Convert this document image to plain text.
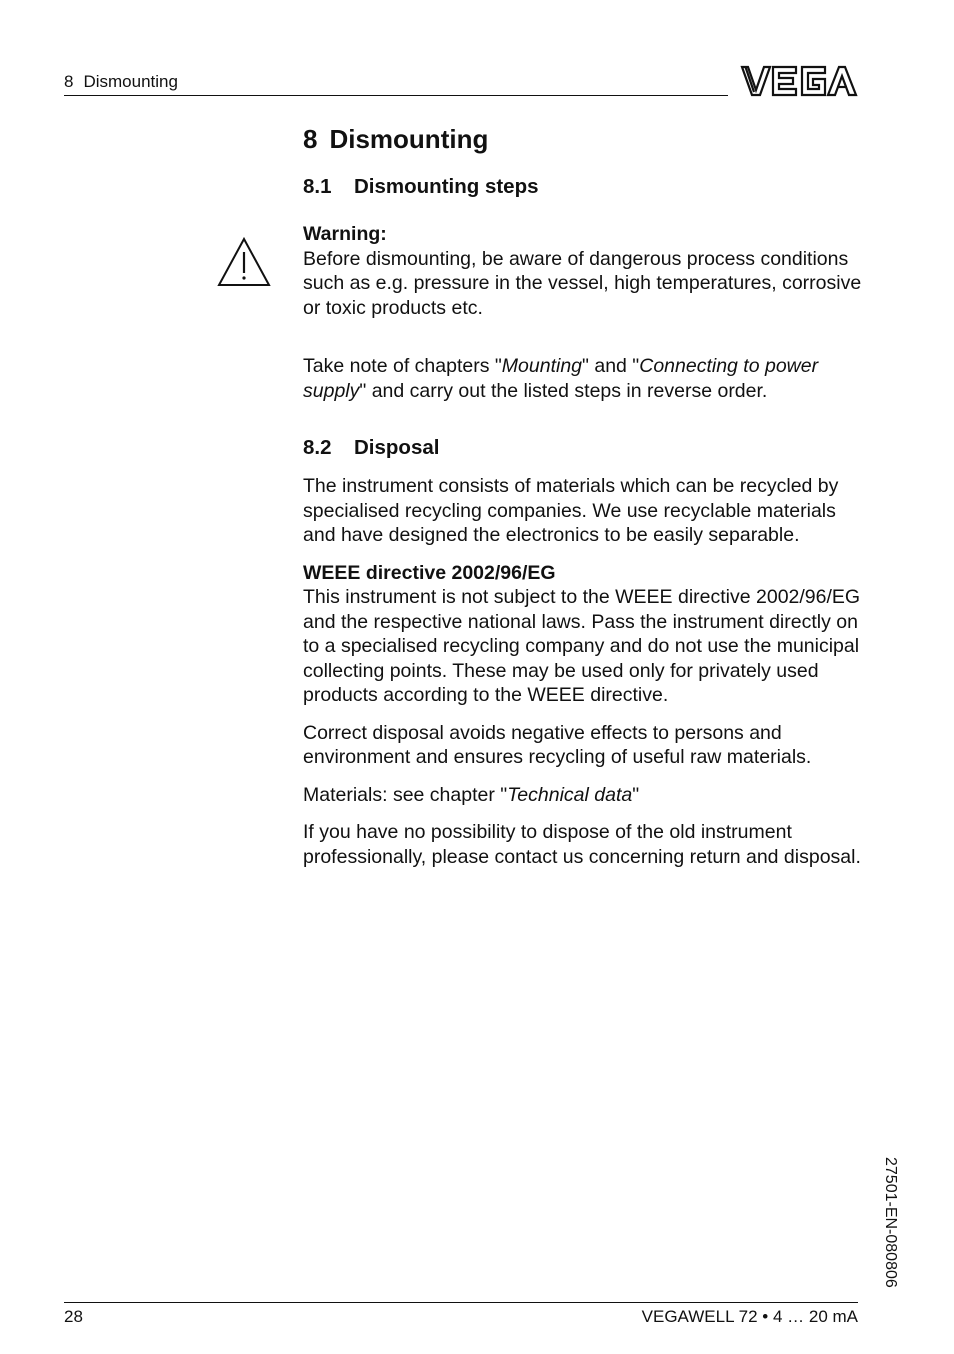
8 Dismounting
8 Dismounting
8.1 Dismounting steps

Warning:

Before dismounting, be aware of dangerous process conditions such as e.g. pressure in the vessel, high temperatures, corrosive or toxic products etc.

Take note of chapters "Mounting" and "Connecting to power supply" and carry out the listed steps in reverse order.

8.2 Disposal

The instrument consists of materials which can be recycled by specialised recycling companies. We use recyclable materials and have designed the electronics to be easily separable.

WEEE directive 2002/96/EG

This instrument is not subject to the WEEE directive 2002/96/EG and the respective national laws. Pass the instrument directly on to a specialised recycling company and do not use the municipal collecting points. These may be used only for privately used products according to the WEEE directive.

Correct disposal avoids negative effects to persons and environment and ensures recycling of useful raw materials.

Materials: see chapter "Technical data"

If you have no possibility to dispose of the old instrument professionally, please contact us concerning return and disposal.

27501-EN-080806
28	VEGAWELL 72 • 4 … 20 mA
